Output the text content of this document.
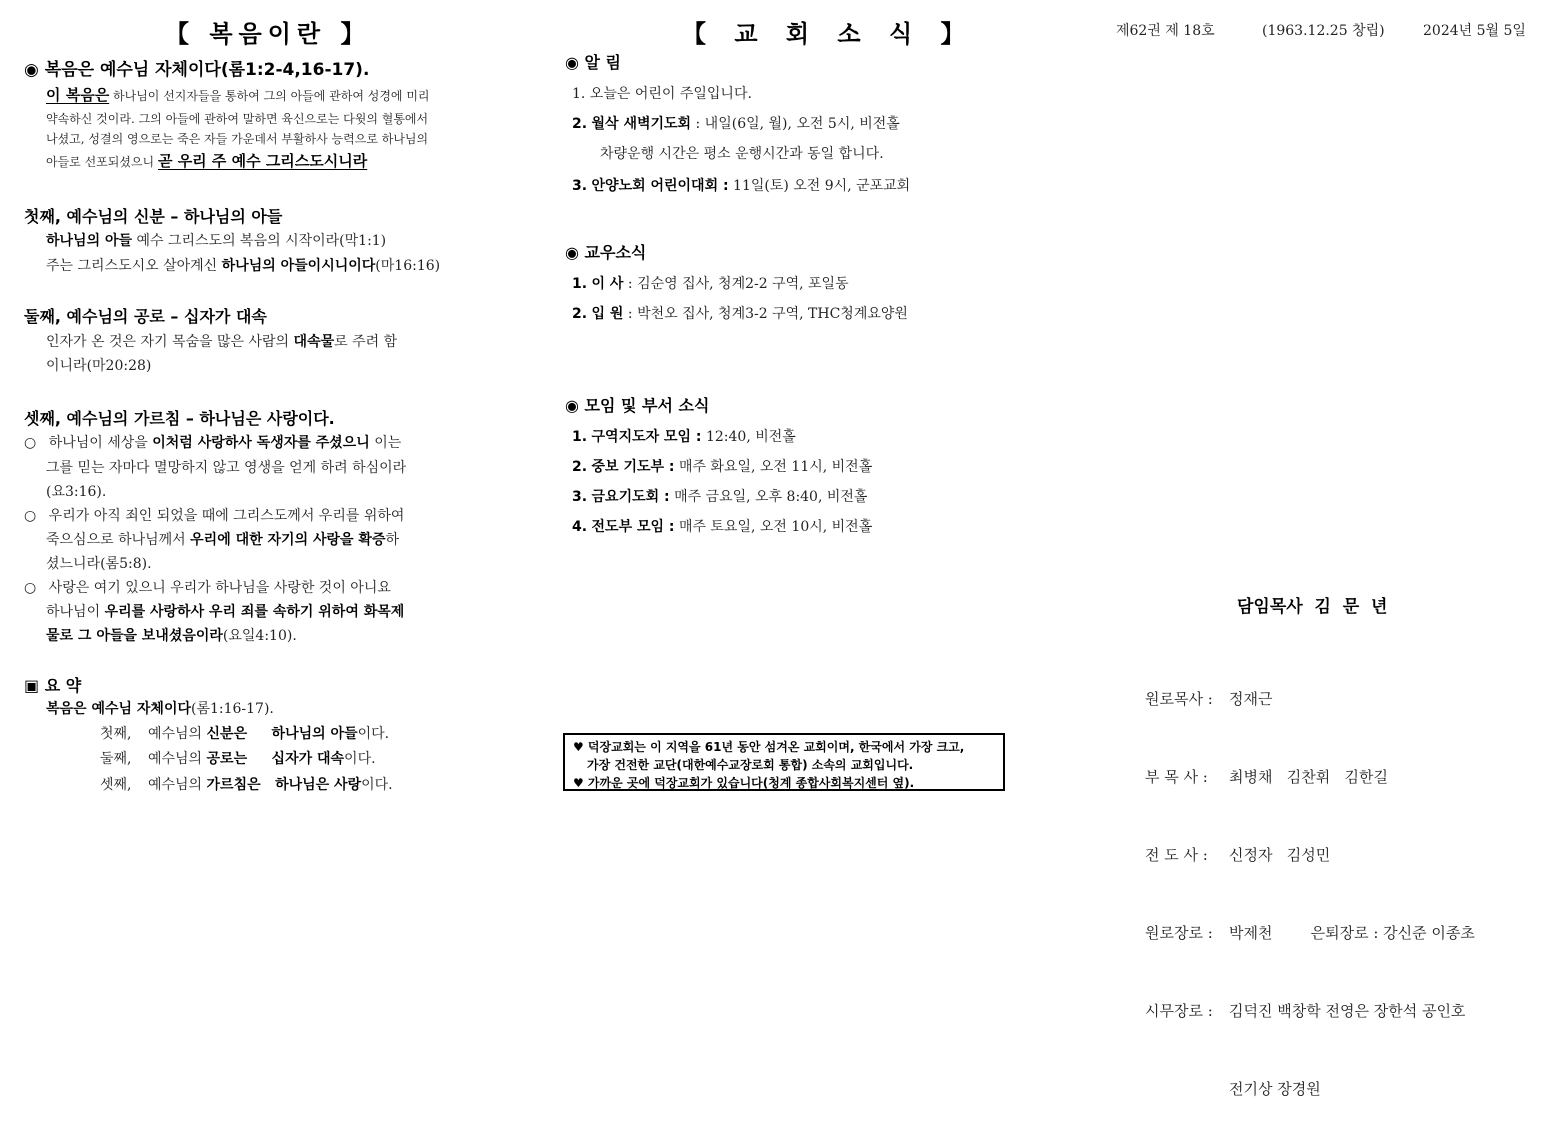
【 복음이란 】
◉ 복음은 예수님 자체이다(롬1:2-4,16-17).
이 복음은 하나님이 선지자들을 통하여 그의 아들에 관하여 성경에 미리
약속하신 것이라. 그의 아들에 관하여 말하면 육신으로는 다윗의 혈통에서
나셨고, 성결의 영으로는 죽은 자들 가운데서 부활하사 능력으로 하나님의
아들로 선포되셨으니 곧 우리 주 예수 그리스도시니라
첫째, 예수님의 신분 – 하나님의 아들
하나님의 아들 예수 그리스도의 복음의 시작이라(막1:1)
주는 그리스도시오 살아계신 하나님의 아들이시니이다(마16:16)
둘째, 예수님의 공로 – 십자가 대속
인자가 온 것은 자기 목숨을 많은 사람의 대속물로 주려 함
이니라(마20:28)
셋째, 예수님의 가르침 – 하나님은 사랑이다.
○ 하나님이 세상을 이처럼 사랑하사 독생자를 주셨으니 이는
그를 믿는 자마다 멸망하지 않고 영생을 얻게 하려 하심이라
(요3:16).
○ 우리가 아직 죄인 되었을 때에 그리스도께서 우리를 위하여
죽으심으로 하나님께서 우리에 대한 자기의 사랑을 확증하
셨느니라(롬5:8).
○ 사랑은 여기 있으니 우리가 하나님을 사랑한 것이 아니요
하나님이 우리를 사랑하사 우리 죄를 속하기 위하여 화목제
물로 그 아들을 보내셨음이라(요일4:10).
▣ 요 약
복음은 예수님 자체이다(롬1:16-17).
첫째, 예수님의 신분은 하나님의 아들이다.
둘째, 예수님의 공로는 십자가 대속이다.
셋째, 예수님의 가르침은 하나님은 사랑이다.
【 교 회 소 식 】
◉ 알 림
1. 오늘은 어린이 주일입니다.
2. 월삭 새벽기도회 : 내일(6일, 월), 오전 5시, 비전홀
차량운행 시간은 평소 운행시간과 동일 합니다.
3. 안양노회 어린이대회 : 11일(토) 오전 9시, 군포교회
◉ 교우소식
1. 이 사 : 김순영 집사, 청계2-2 구역, 포일동
2. 입 원 : 박천오 집사, 청계3-2 구역, THC청계요양원
◉ 모임 및 부서 소식
1. 구역지도자 모임 : 12:40, 비전홀
2. 중보 기도부 : 매주 화요일, 오전 11시, 비전홀
3. 금요기도회 : 매주 금요일, 오후 8:40, 비전홀
4. 전도부 모임 : 매주 토요일, 오전 10시, 비전홀
♥ 덕장교회는 이 지역을 61년 동안 섬겨온 교회이며, 한국에서 가장 크고,
가장 건전한 교단(대한예수교장로회 통합) 소속의 교회입니다.
♥ 가까운 곳에 덕장교회가 있습니다(청계 종합사회복지센터 옆).
제62권 제 18호	(1963.12.25 창립)	2024년 5월 5일
담임목사  김  문  년

원로목사 : 정재근

부 목 사 : 최병채   김찬휘   김한길

전 도 사 : 신정자   김성민

원로장로 : 박제천        은퇴장로 : 강신준 이종초

시무장로 : 김덕진 백창학 전영은 장한석 공인호

전기상 장경원
